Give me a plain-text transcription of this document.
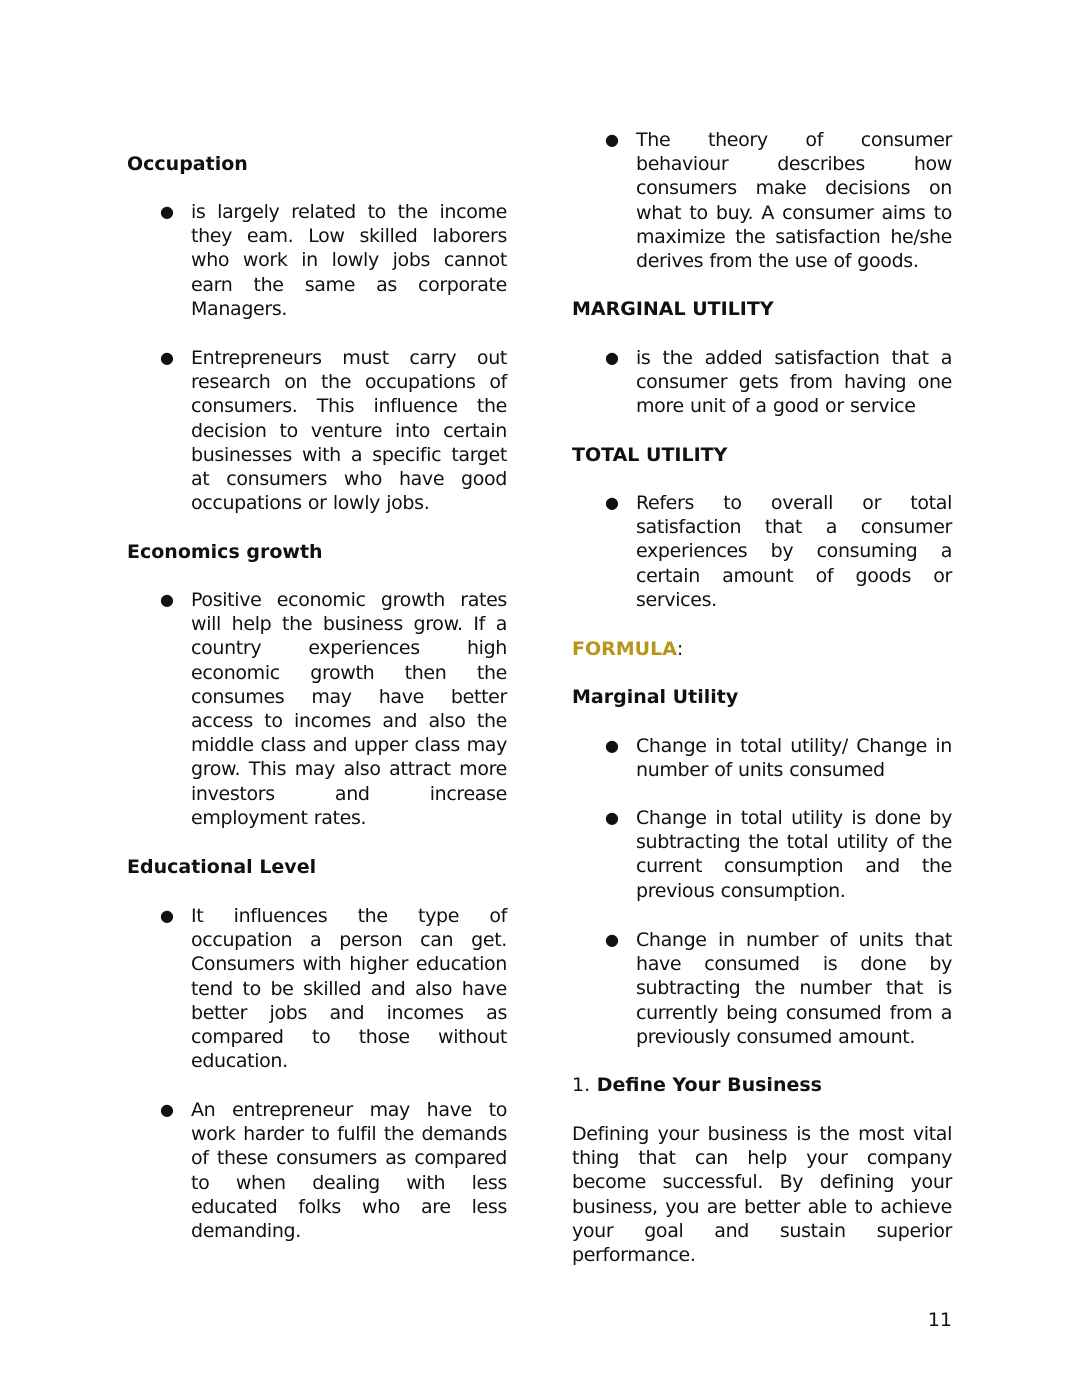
Occupation
● is largely related to the income they eam. Low skilled laborers who work in lowly jobs cannot earn the same as corporate Managers.
● Entrepreneurs must carry out research on the occupations of consumers. This influence the decision to venture into certain businesses with a specific target at consumers who have good occupations or lowly jobs.
Economics growth
● Positive economic growth rates will help the business grow. If a country experiences high economic growth then the consumes may have better access to incomes and also the middle class and upper class may grow. This may also attract more investors and increase employment rates.
Educational Level
● It influences the type of occupation a person can get. Consumers with higher education tend to be skilled and also have better jobs and incomes as compared to those without education.
● An entrepreneur may have to work harder to fulfil the demands of these consumers as compared to when dealing with less educated folks who are less demanding.
● The theory of consumer behaviour describes how consumers make decisions on what to buy. A consumer aims to maximize the satisfaction he/she derives from the use of goods.
MARGINAL UTILITY
● is the added satisfaction that a consumer gets from having one more unit of a good or service
TOTAL UTILITY
● Refers to overall or total satisfaction that a consumer experiences by consuming a certain amount of goods or services.
FORMULA:
Marginal Utility
● Change in total utility/ Change in number of units consumed
● Change in total utility is done by subtracting the total utility of the current consumption and the previous consumption.
● Change in number of units that have consumed is done by subtracting the number that is currently being consumed from a previously consumed amount.
1. Define Your Business
Defining your business is the most vital thing that can help your company become successful. By defining your business, you are better able to achieve your goal and sustain superior performance.
11
